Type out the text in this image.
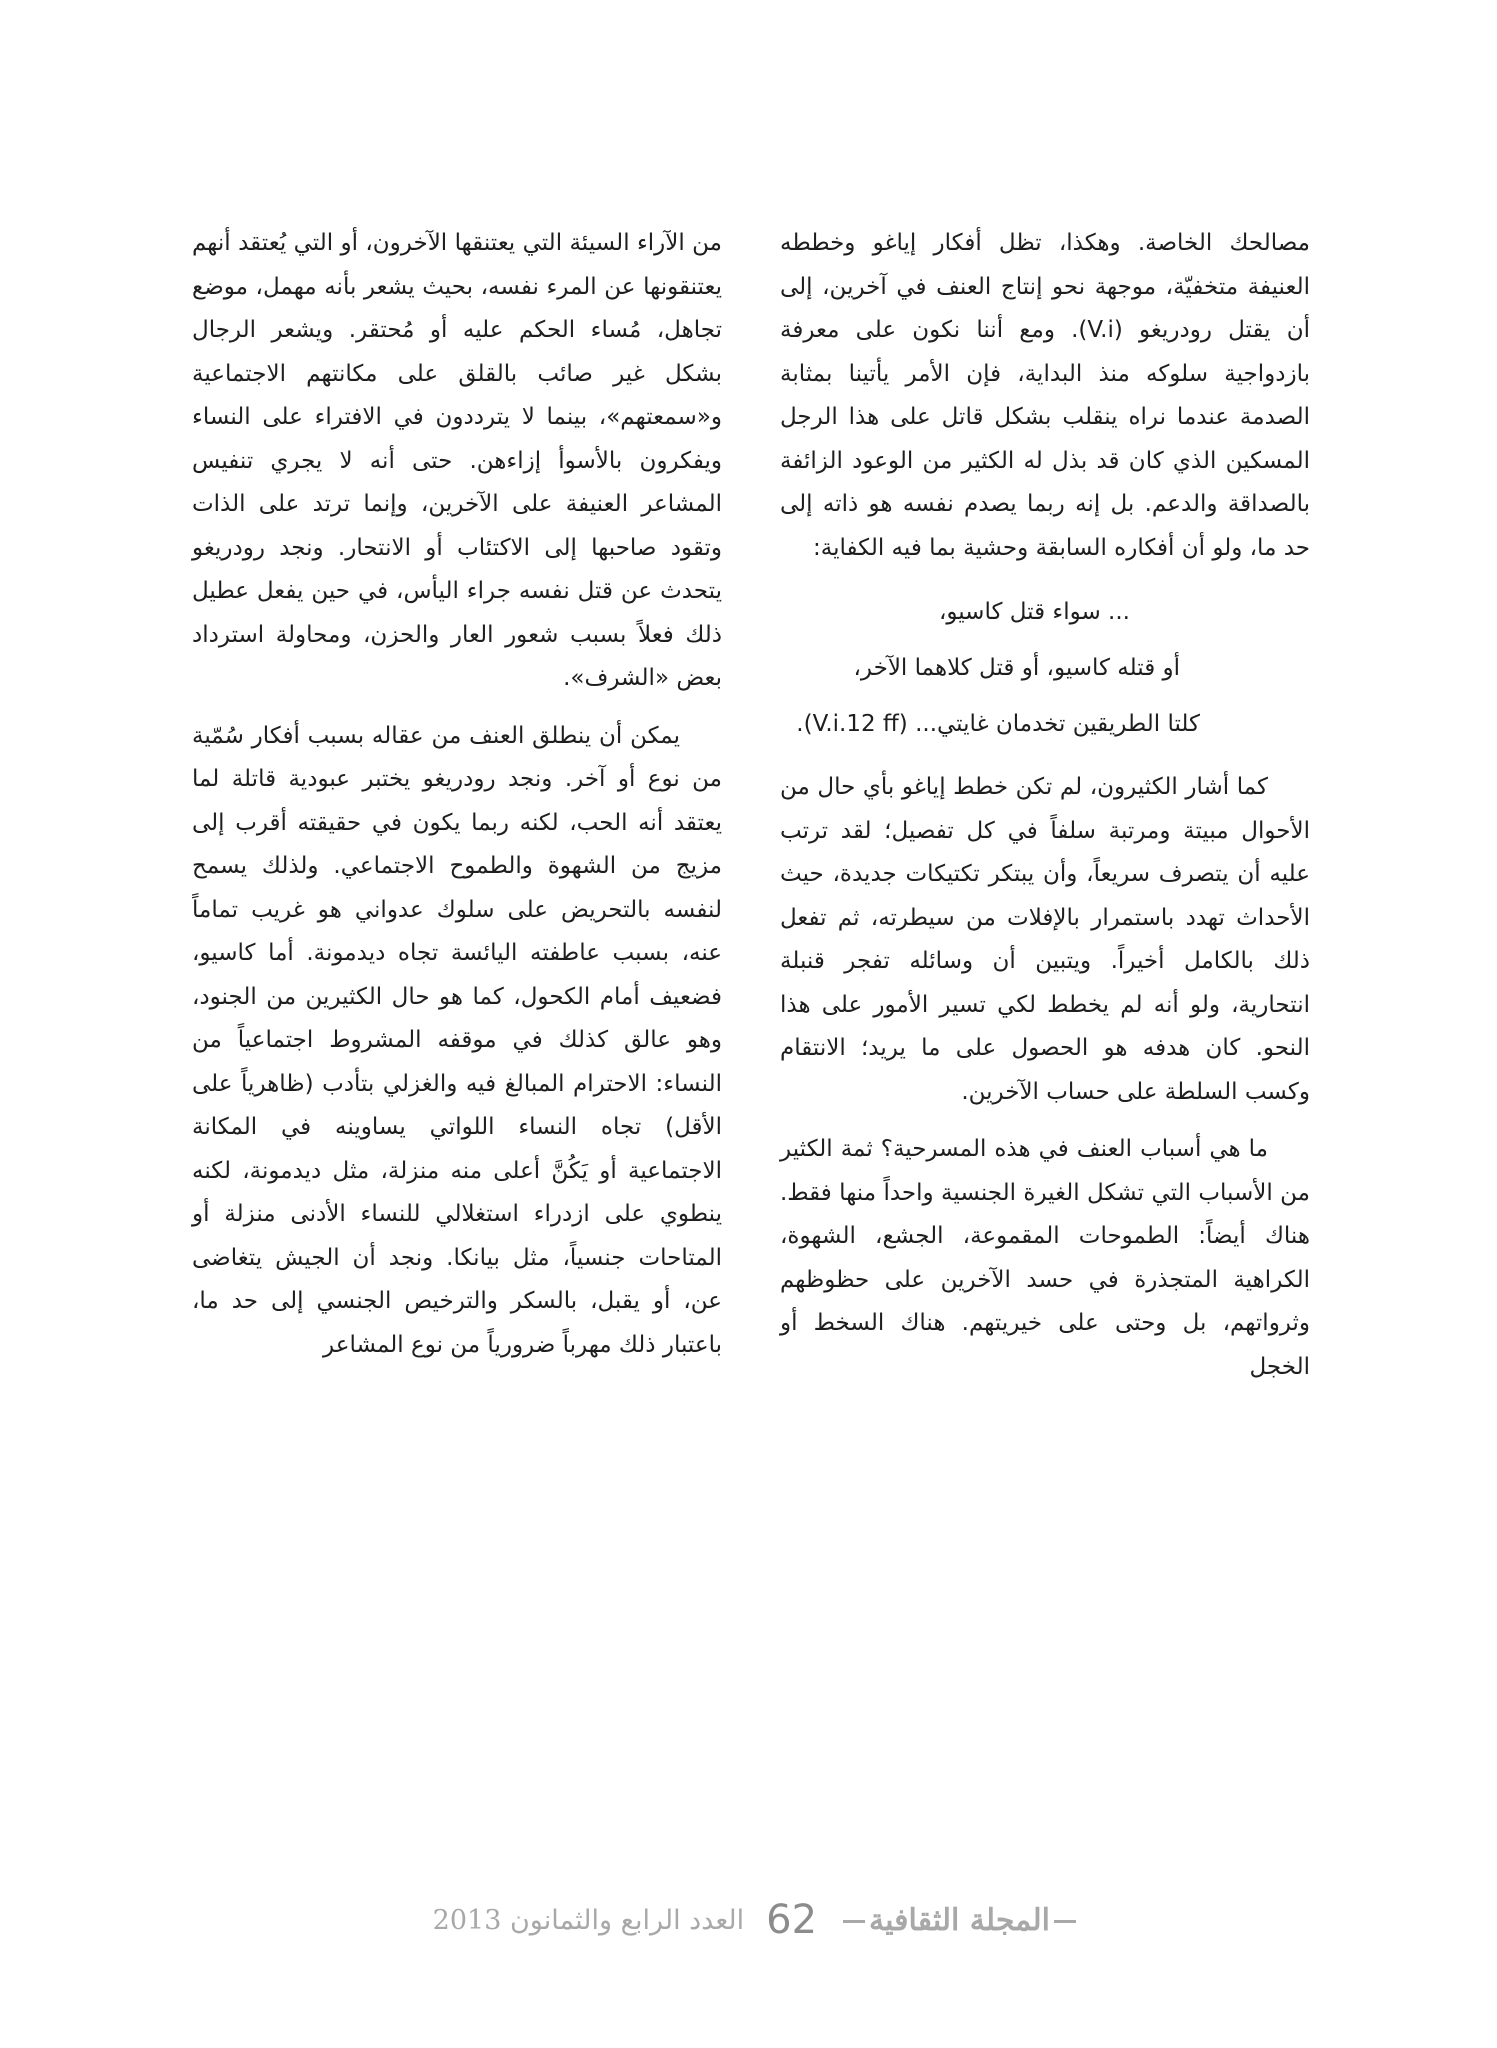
مصالحك الخاصة. وهكذا، تظل أفكار إياغو وخططه العنيفة متخفيّة، موجهة نحو إنتاج العنف في آخرين، إلى أن يقتل رودريغو (V.i). ومع أننا نكون على معرفة بازدواجية سلوكه منذ البداية، فإن الأمر يأتينا بمثابة الصدمة عندما نراه ينقلب بشكل قاتل على هذا الرجل المسكين الذي كان قد بذل له الكثير من الوعود الزائفة بالصداقة والدعم. بل إنه ربما يصدم نفسه هو ذاته إلى حد ما، ولو أن أفكاره السابقة وحشية بما فيه الكفاية:

... سواء قتل كاسيو،
أو قتله كاسيو، أو قتل كلاهما الآخر،
كلتا الطريقين تخدمان غايتي... (V.i.12 ff).

كما أشار الكثيرون، لم تكن خطط إياغو بأي حال من الأحوال مبيتة ومرتبة سلفاً في كل تفصيل؛ لقد ترتب عليه أن يتصرف سريعاً، وأن يبتكر تكتيكات جديدة، حيث الأحداث تهدد باستمرار بالإفلات من سيطرته، ثم تفعل ذلك بالكامل أخيراً. ويتبين أن وسائله تفجر قنبلة انتحارية، ولو أنه لم يخطط لكي تسير الأمور على هذا النحو. كان هدفه هو الحصول على ما يريد؛ الانتقام وكسب السلطة على حساب الآخرين.

ما هي أسباب العنف في هذه المسرحية؟ ثمة الكثير من الأسباب التي تشكل الغيرة الجنسية واحداً منها فقط. هناك أيضاً: الطموحات المقموعة، الجشع، الشهوة، الكراهية المتجذرة في حسد الآخرين على حظوظهم وثرواتهم، بل وحتى على خيريتهم. هناك السخط أو الخجل

من الآراء السيئة التي يعتنقها الآخرون، أو التي يُعتقد أنهم يعتنقونها عن المرء نفسه، بحيث يشعر بأنه مهمل، موضع تجاهل، مُساء الحكم عليه أو مُحتقر. ويشعر الرجال بشكل غير صائب بالقلق على مكانتهم الاجتماعية و«سمعتهم»، بينما لا يترددون في الافتراء على النساء ويفكرون بالأسوأ إزاءهن. حتى أنه لا يجري تنفيس المشاعر العنيفة على الآخرين، وإنما ترتد على الذات وتقود صاحبها إلى الاكتئاب أو الانتحار. ونجد رودريغو يتحدث عن قتل نفسه جراء اليأس، في حين يفعل عطيل ذلك فعلاً بسبب شعور العار والحزن، ومحاولة استرداد بعض «الشرف».

يمكن أن ينطلق العنف من عقاله بسبب أفكار سُمّية من نوع أو آخر. ونجد رودريغو يختبر عبودية قاتلة لما يعتقد أنه الحب، لكنه ربما يكون في حقيقته أقرب إلى مزيج من الشهوة والطموح الاجتماعي. ولذلك يسمح لنفسه بالتحريض على سلوك عدواني هو غريب تماماً عنه، بسبب عاطفته اليائسة تجاه ديدمونة. أما كاسيو، فضعيف أمام الكحول، كما هو حال الكثيرين من الجنود، وهو عالق كذلك في موقفه المشروط اجتماعياً من النساء: الاحترام المبالغ فيه والغزلي بتأدب (ظاهرياً على الأقل) تجاه النساء اللواتي يساوينه في المكانة الاجتماعية أو يَكُنَّ أعلى منه منزلة، مثل ديدمونة، لكنه ينطوي على ازدراء استغلالي للنساء الأدنى منزلة أو المتاحات جنسياً، مثل بيانكا. ونجد أن الجيش يتغاضى عن، أو يقبل، بالسكر والترخيص الجنسي إلى حد ما، باعتبار ذلك مهرباً ضرورياً من نوع المشاعر

المجلة الثقافية
62
العدد الرابع والثمانون 2013
